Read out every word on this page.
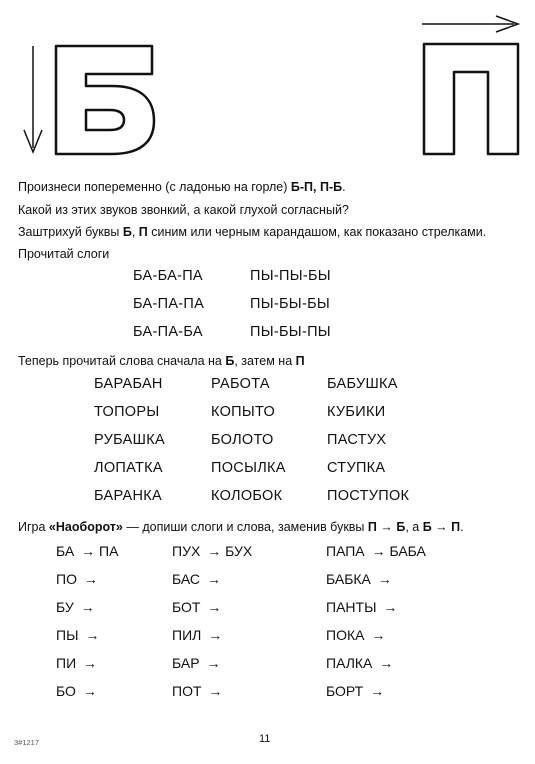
Произнеси попеременно (с ладонью на горле) Б-П, П-Б.
Какой из этих звуков звонкий, а какой глухой согласный?
Заштрихуй буквы Б, П синим или черным карандашом, как показано стрелками.
Прочитай слоги
БА-БА-ПА	ПЫ-ПЫ-БЫ
БА-ПА-ПА	ПЫ-БЫ-БЫ
БА-ПА-БА	ПЫ-БЫ-ПЫ
Теперь прочитай слова сначала на Б, затем на П
БАРАБАН	РАБОТА	БАБУШКА
ТОПОРЫ	КОПЫТО	КУБИКИ
РУБАШКА	БОЛОТО	ПАСТУХ
ЛОПАТКА	ПОСЫЛКА	СТУПКА
БАРАНКА	КОЛОБОК	ПОСТУПОК
Игра «Наоборот» — допиши слоги и слова, заменив буквы П → Б, а Б → П.
БА → ПА	ПУХ → БУХ	ПАПА → БАБА
ПО →	БАС →	БАБКА →
БУ →	БОТ →	ПАНТЫ →
ПЫ →	ПИЛ →	ПОКА →
ПИ →	БАР →	ПАЛКА →
БО →	ПОТ →	БОРТ →
3#1217	11
